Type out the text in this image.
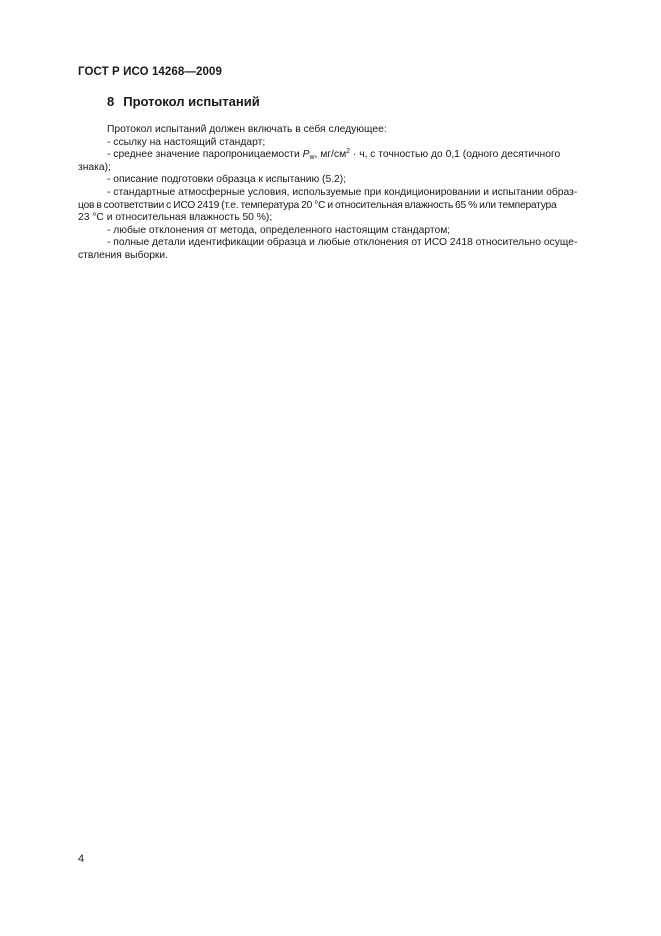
ГОСТ Р ИСО 14268—2009
8 Протокол испытаний

Протокол испытаний должен включать в себя следующее:

- ссылку на настоящий стандарт;

- среднее значение паропроницаемости $P_w$, $мг/см^2 \cdot ч$, с точностью до 0,1 (одного десятичного
знака);

- описание подготовки образца к испытанию (5.2);

- стандартные атмосферные условия, используемые при кондиционировании и испытании образ-
цов в соответствии с ИСО 2419 (т.е. температура 20 °С и относительная влажность 65 % или температура
23 °С и относительная влажность 50 %);

- любые отклонения от метода, определенного настоящим стандартом;

- полные детали идентификации образца и любые отклонения от ИСО 2418 относительно осуще-
ствления выборки.

4
